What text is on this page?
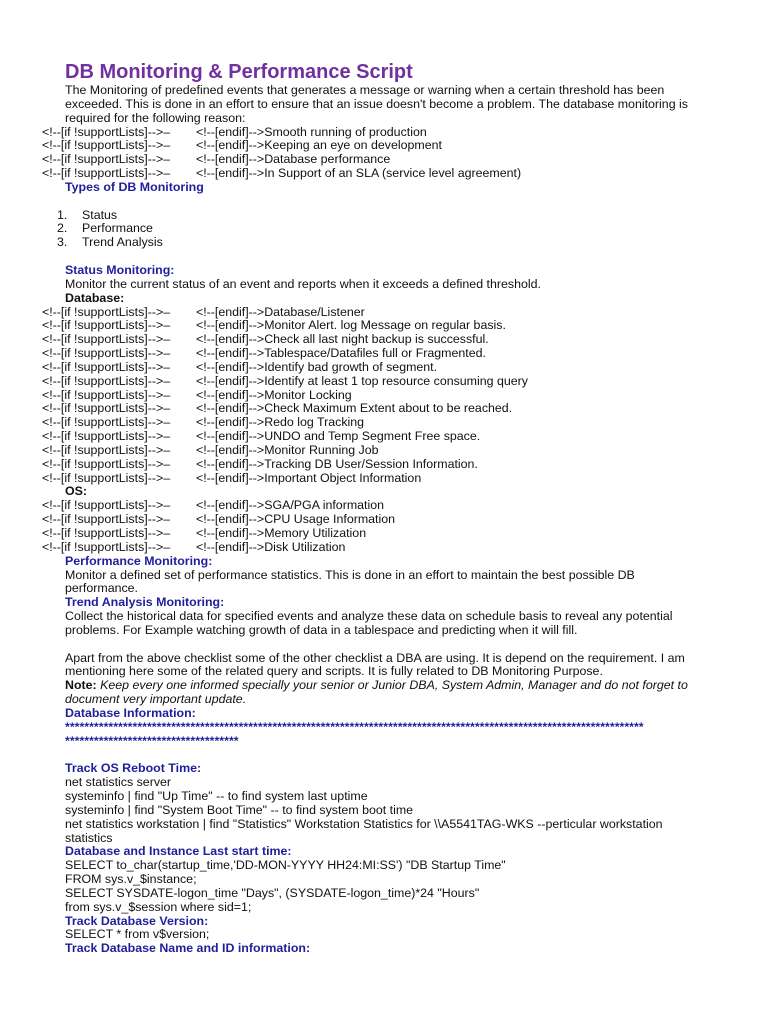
DB Monitoring & Performance Script
The Monitoring of predefined events that generates a message or warning when a certain threshold has been exceeded. This is done in an effort to ensure that an issue doesn't become a problem. The database monitoring is required for the following reason:
<!--[if !supportLists]-->– <!--[endif]-->Smooth running of production
<!--[if !supportLists]-->– <!--[endif]-->Keeping an eye on development
<!--[if !supportLists]-->– <!--[endif]-->Database performance
<!--[if !supportLists]-->– <!--[endif]-->In Support of an SLA (service level agreement)
Types of DB Monitoring
1. Status
2. Performance
3. Trend Analysis
Status Monitoring:
Monitor the current status of an event and reports when it exceeds a defined threshold.
Database:
<!--[if !supportLists]-->– <!--[endif]-->Database/Listener
<!--[if !supportLists]-->– <!--[endif]-->Monitor Alert. log Message on regular basis.
<!--[if !supportLists]-->– <!--[endif]-->Check all last night backup is successful.
<!--[if !supportLists]-->– <!--[endif]-->Tablespace/Datafiles full or Fragmented.
<!--[if !supportLists]-->– <!--[endif]-->Identify bad growth of segment.
<!--[if !supportLists]-->– <!--[endif]-->Identify at least 1 top resource consuming query
<!--[if !supportLists]-->– <!--[endif]-->Monitor Locking
<!--[if !supportLists]-->– <!--[endif]-->Check Maximum Extent about to be reached.
<!--[if !supportLists]-->– <!--[endif]-->Redo log Tracking
<!--[if !supportLists]-->– <!--[endif]-->UNDO and Temp Segment Free space.
<!--[if !supportLists]-->– <!--[endif]-->Monitor Running Job
<!--[if !supportLists]-->– <!--[endif]-->Tracking DB User/Session Information.
<!--[if !supportLists]-->– <!--[endif]-->Important Object Information
OS:
<!--[if !supportLists]-->– <!--[endif]-->SGA/PGA information
<!--[if !supportLists]-->– <!--[endif]-->CPU Usage Information
<!--[if !supportLists]-->– <!--[endif]-->Memory Utilization
<!--[if !supportLists]-->– <!--[endif]-->Disk Utilization
Performance Monitoring:
Monitor a defined set of performance statistics. This is done in an effort to maintain the best possible DB performance.
Trend Analysis Monitoring:
Collect the historical data for specified events and analyze these data on schedule basis to reveal any potential problems. For Example watching growth of data in a tablespace and predicting when it will fill.
Apart from the above checklist some of the other checklist a DBA are using. It is depend on the requirement. I am mentioning here some of the related query and scripts. It is fully related to DB Monitoring Purpose.
Note: Keep every one informed specially your senior or Junior DBA, System Admin, Manager and do not forget to document very important update.
Database Information:
************************************************************************************************************************
************************************
Track OS Reboot Time:
net statistics server
systeminfo | find "Up Time" -- to find system last uptime
systeminfo | find "System Boot Time" -- to find system boot time
net statistics workstation | find "Statistics" Workstation Statistics for \\A5541TAG-WKS --perticular workstation
statistics
Database and Instance Last start time:
SELECT to_char(startup_time,'DD-MON-YYYY HH24:MI:SS') "DB Startup Time"
FROM sys.v_$instance;
SELECT SYSDATE-logon_time "Days", (SYSDATE-logon_time)*24 "Hours"
from sys.v_$session where sid=1;
Track Database Version:
SELECT * from v$version;
Track Database Name and ID information:
